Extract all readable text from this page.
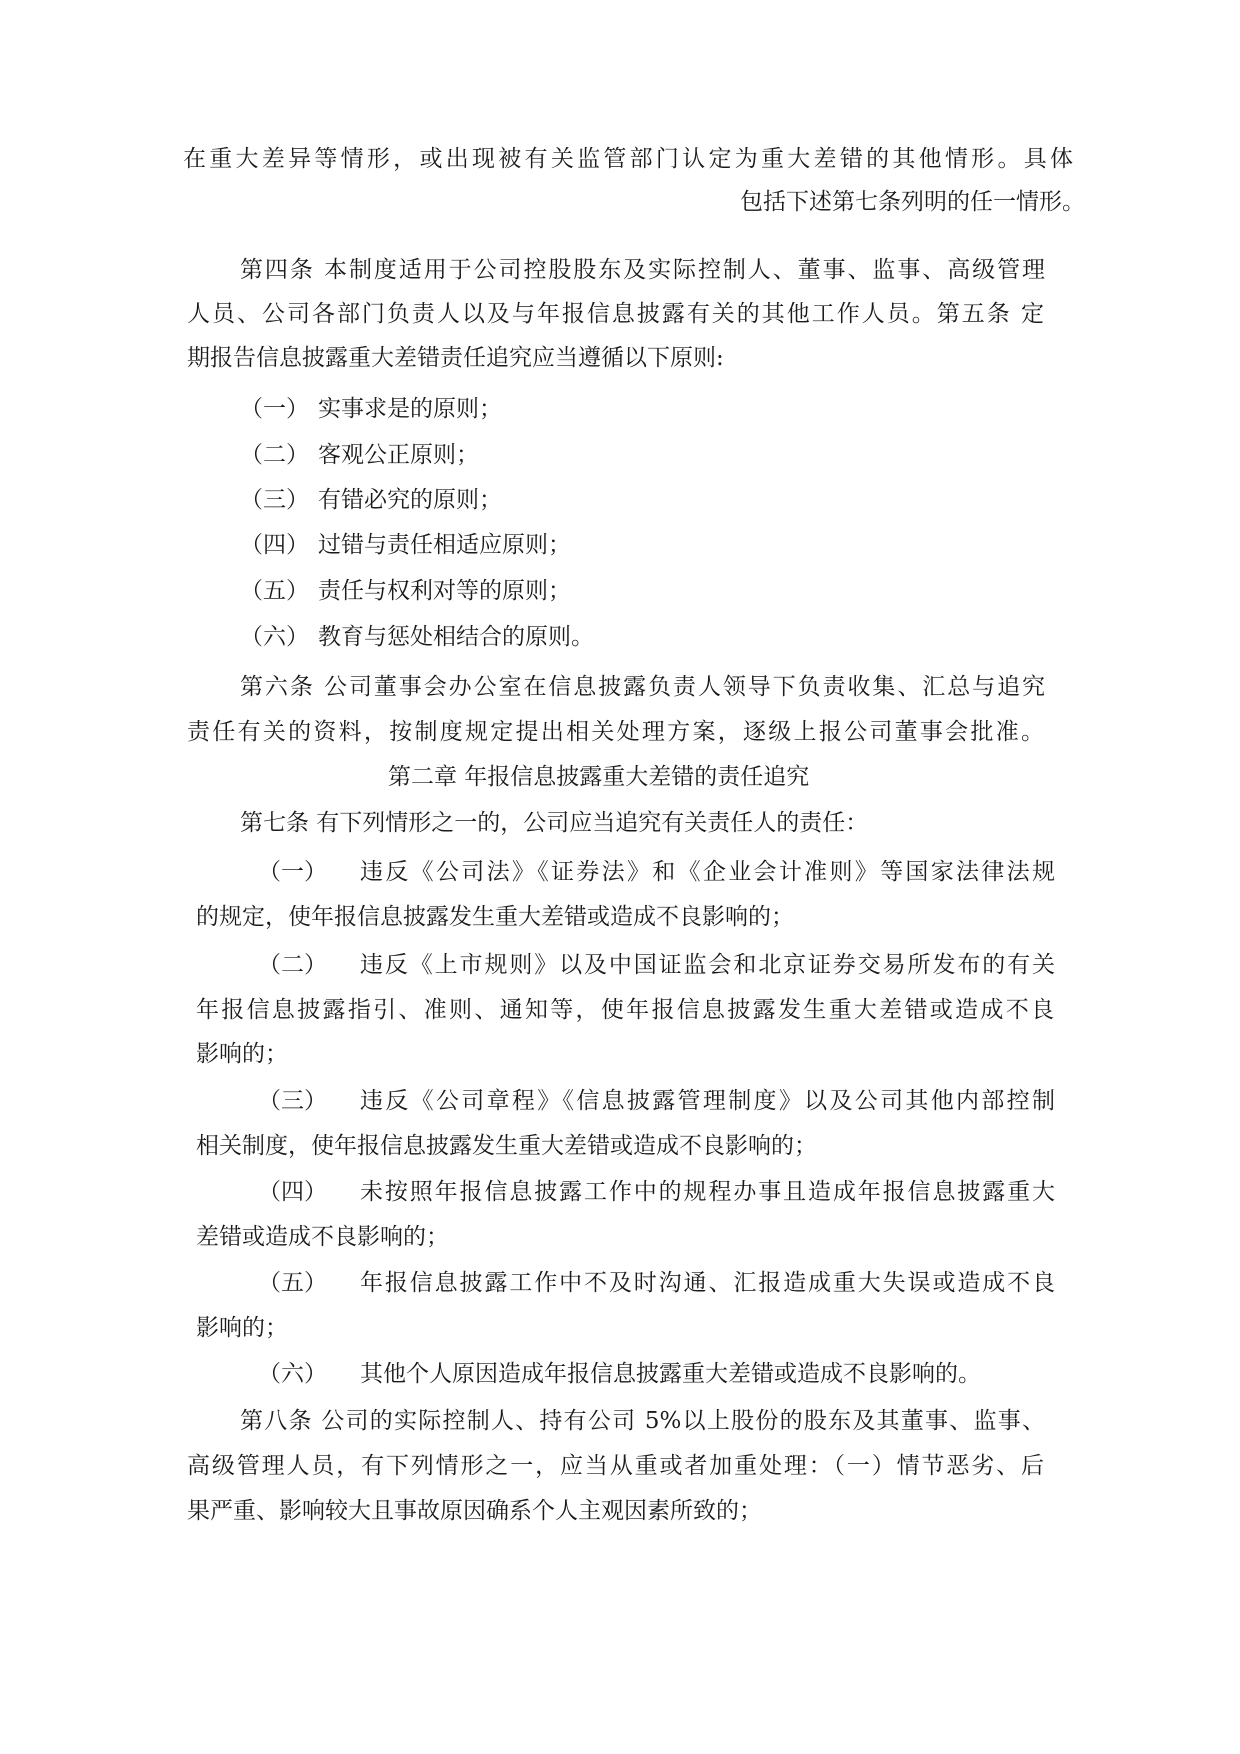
在重大差异等情形，或出现被有关监管部门认定为重大差错的其他情形。具体

包括下述第七条列明的任一情形。

第四条 本制度适用于公司控股股东及实际控制人、董事、监事、高级管理

人员、公司各部门负责人以及与年报信息披露有关的其他工作人员。第五条 定

期报告信息披露重大差错责任追究应当遵循以下原则:

（一） 实事求是的原则；
（二） 客观公正原则；
（三） 有错必究的原则；
（四） 过错与责任相适应原则；
（五） 责任与权利对等的原则；
（六） 教育与惩处相结合的原则。

第六条 公司董事会办公室在信息披露负责人领导下负责收集、汇总与追究

责任有关的资料，按制度规定提出相关处理方案，逐级上报公司董事会批准。

第二章 年报信息披露重大差错的责任追究

第七条 有下列情形之一的，公司应当追究有关责任人的责任：

（一） 违反《公司法》《证券法》和《企业会计准则》等国家法律法规

的规定，使年报信息披露发生重大差错或造成不良影响的；

（二） 违反《上市规则》以及中国证监会和北京证券交易所发布的有关

年报信息披露指引、准则、通知等，使年报信息披露发生重大差错或造成不良

影响的；

（三） 违反《公司章程》《信息披露管理制度》以及公司其他内部控制

相关制度，使年报信息披露发生重大差错或造成不良影响的；

（四） 未按照年报信息披露工作中的规程办事且造成年报信息披露重大

差错或造成不良影响的；

（五） 年报信息披露工作中不及时沟通、汇报造成重大失误或造成不良

影响的；

（六） 其他个人原因造成年报信息披露重大差错或造成不良影响的。

第八条 公司的实际控制人、持有公司 5%以上股份的股东及其董事、监事、

高级管理人员，有下列情形之一，应当从重或者加重处理：（一）情节恶劣、后

果严重、影响较大且事故原因确系个人主观因素所致的；
